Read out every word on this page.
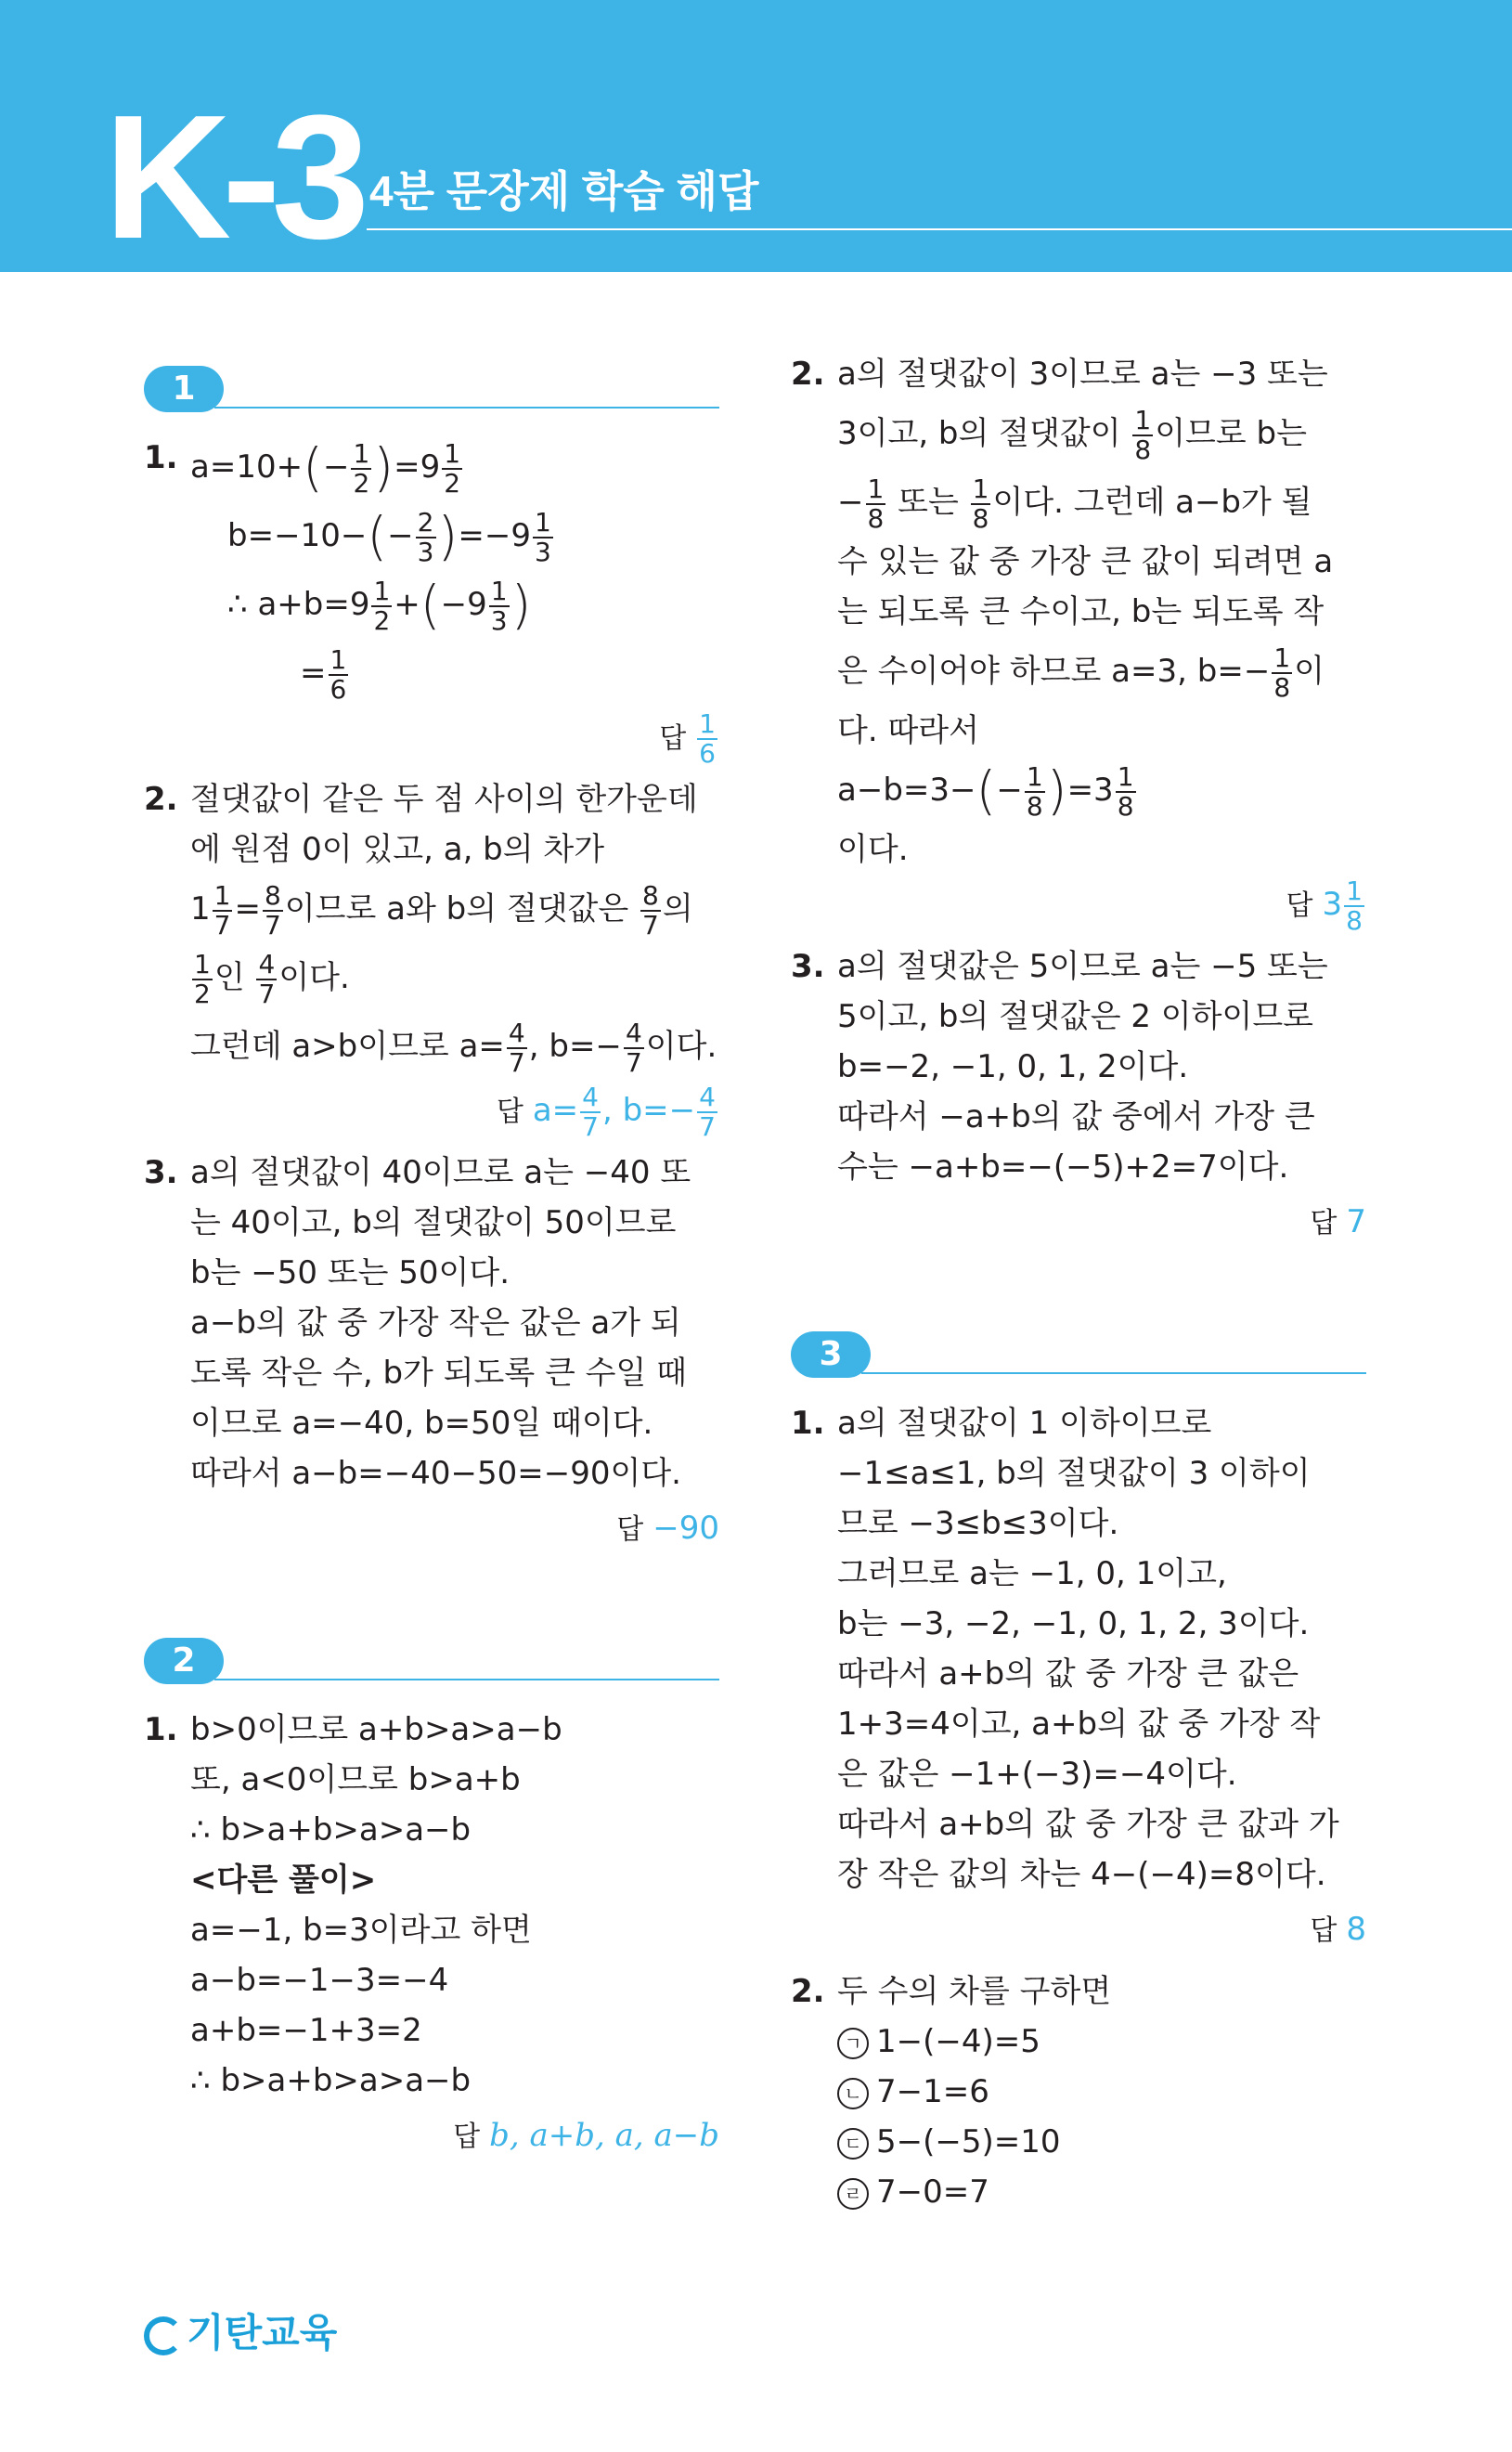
K-3 4분 문장제 학습 해답
1
1. $a=10+(- \frac{1}{2} )=9 \frac{1}{2}$
$b=-10-(- \frac{2}{3} )=-9 \frac{1}{3}$
∴ $a+b=9 \frac{1}{2} +(-9 \frac{1}{3}$ )
= $\frac{1}{6}$
답 $\frac{1}{6}$
2. 절댓값이 같은 두 점 사이의 한가운데
에 원점 0이 있고, a, b의 차가
$1 \frac{1}{7} = \frac{8}{7}$ 이므로 a와 b의 절댓값은 $\frac{8}{7}$ 의
$\frac{1}{2}$ 인 $\frac{4}{7}$ 이다.
그런데 a>b이므로 $a= \frac{4}{7}$ , $b=- \frac{4}{7}$ 이다.
답 $a= \frac{4}{7}$ , $b=- \frac{4}{7}$
3. a의 절댓값이 40이므로 a는 −40 또
는 40이고, b의 절댓값이 50이므로
b는 −50 또는 50이다.
a−b의 값 중 가장 작은 값은 a가 되
도록 작은 수, b가 되도록 큰 수일 때
이므로 a=−40, b=50일 때이다.
따라서 a−b=−40−50=−90이다.
답 −90
2
1. b>0이므로 a+b>a>a−b
또, a<0이므로 b>a+b
∴ b>a+b>a>a−b
<다른 풀이>
a=−1, b=3이라고 하면
a−b=−1−3=−4
a+b=−1+3=2
∴ b>a+b>a>a−b
답 b, a+b, a, a−b
2. a의 절댓값이 3이므로 a는 −3 또는
3이고, b의 절댓값이 $\frac{1}{8}$ 이므로 b는
− $\frac{1}{8}$ 또는 $\frac{1}{8}$ 이다. 그런데 a−b가 될
수 있는 값 중 가장 큰 값이 되려면 a
는 되도록 큰 수이고, b는 되도록 작
은 수이어야 하므로 a=3, $b=- \frac{1}{8}$ 이
다. 따라서
$a-b=3-(- \frac{1}{8} )=3 \frac{1}{8}$
이다.
답 $3 \frac{1}{8}$
3. a의 절댓값은 5이므로 a는 −5 또는
5이고, b의 절댓값은 2 이하이므로
b=−2, −1, 0, 1, 2이다.
따라서 −a+b의 값 중에서 가장 큰
수는 −a+b=−(−5)+2=7이다.
답 7
3
1. a의 절댓값이 1 이하이므로
−1≤a≤1, b의 절댓값이 3 이하이
므로 −3≤b≤3이다.
그러므로 a는 −1, 0, 1이고,
b는 −3, −2, −1, 0, 1, 2, 3이다.
따라서 a+b의 값 중 가장 큰 값은
1+3=4이고, a+b의 값 중 가장 작
은 값은 −1+(−3)=−4이다.
따라서 a+b의 값 중 가장 큰 값과 가
장 작은 값의 차는 4−(−4)=8이다.
답 8
2. 두 수의 차를 구하면
ㄱ 1−(−4)=5
ㄴ 7−1=6
ㄷ 5−(−5)=10
ㄹ 7−0=7
기탄교육
